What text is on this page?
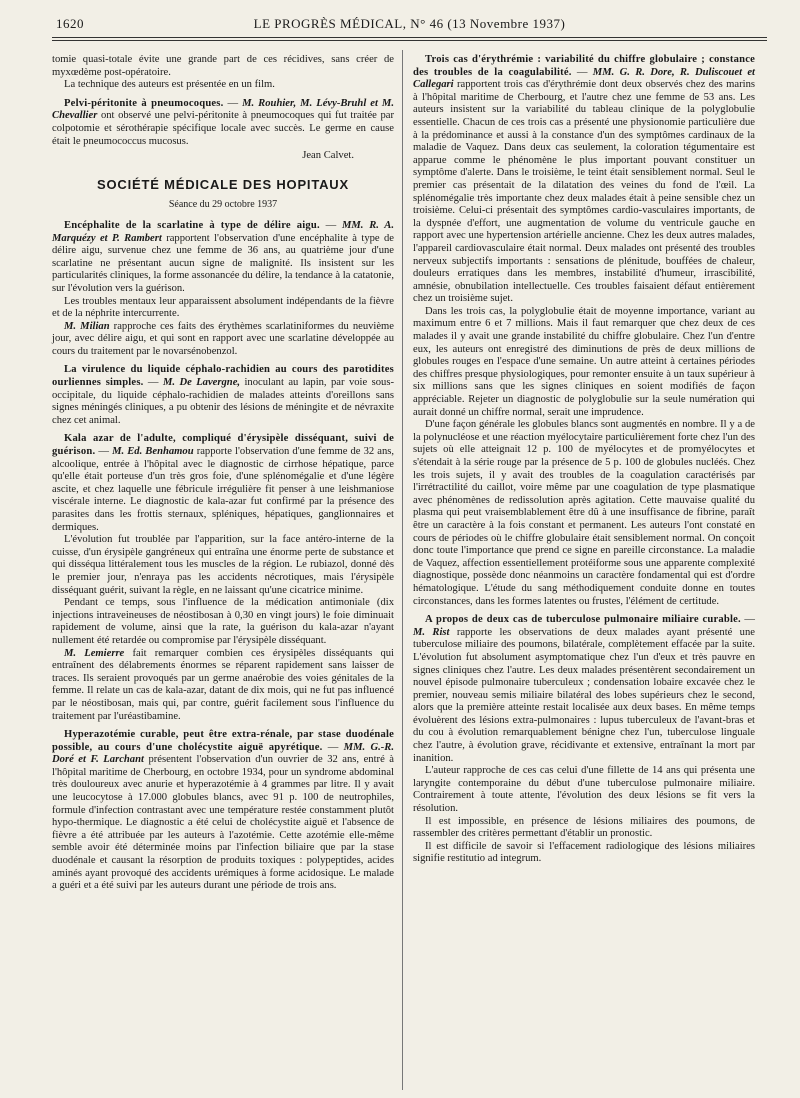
1620	LE PROGRÈS MÉDICAL, N° 46 (13 Novembre 1937)

tomie quasi-totale évite une grande part de ces récidives, sans créer de myxœdème post-opératoire.

La technique des auteurs est présentée en un film.

Pelvi-péritonite à pneumocoques. — M. Rouhier, M. Lévy-Bruhl et M. Chevallier ont observé une pelvi-péritonite à pneumocoques qui fut traitée par colpotomie et sérothérapie spécifique locale avec succès. Le germe en cause était le pneumococcus mucosus.

Jean Calvet.
SOCIÉTÉ MÉDICALE DES HOPITAUX
Séance du 29 octobre 1937

Encéphalite de la scarlatine à type de délire aigu. — MM. R. A. Marquézy et P. Rambert rapportent l'observation d'une encéphalite à type de délire aigu, survenue chez une femme de 36 ans, au quatrième jour d'une scarlatine ne présentant aucun signe de malignité. Ils insistent sur les particularités cliniques, la forme assonancée du délire, la tendance à la catatonie, sur l'évolution vers la guérison.

Les troubles mentaux leur apparaissent absolument indépendants de la fièvre et de la néphrite intercurrente.

M. Milian rapproche ces faits des érythèmes scarlatiniformes du neuvième jour, avec délire aigu, et qui sont en rapport avec une scarlatine développée au cours du traitement par le novarsénobenzol.

La virulence du liquide céphalo-rachidien au cours des parotidites ourliennes simples. — M. De Lavergne, inoculant au lapin, par voie sous-occipitale, du liquide céphalo-rachidien de malades atteints d'oreillons sans signes méningés cliniques, a pu obtenir des lésions de méningite et de névraxite chez cet animal.

Kala azar de l'adulte, compliqué d'érysipèle disséquant, suivi de guérison. — M. Ed. Benhamou rapporte l'observation d'une femme de 32 ans, alcoolique, entrée à l'hôpital avec le diagnostic de cirrhose hépatique, parce qu'elle était porteuse d'un très gros foie, d'une splénomégalie et d'une légère ascite, et chez laquelle une fébricule irrégulière fit penser à une leishmaniose viscérale interne. Le diagnostic de kala-azar fut confirmé par la présence des parasites dans les frottis sternaux, spléniques, hépatiques, ganglionnaires et dermiques.

L'évolution fut troublée par l'apparition, sur la face antéro-interne de la cuisse, d'un érysipèle gangréneux qui entraîna une énorme perte de substance et qui disséqua littéralement tous les muscles de la région. Le rubiazol, donné dès le premier jour, n'enraya pas les accidents nécrotiques, mais l'érysipèle disséquant guérit, suivant la règle, en ne laissant qu'une cicatrice minime.

Pendant ce temps, sous l'influence de la médication antimoniale (dix injections intraveineuses de néostibosan à 0,30 en vingt jours) le foie diminuait rapidement de volume, ainsi que la rate, la guérison du kala-azar n'ayant nullement été retardée ou compromise par l'érysipèle disséquant.

M. Lemierre fait remarquer combien ces érysipèles disséquants qui entraînent des délabrements énormes se réparent rapidement sans laisser de traces. Ils seraient provoqués par un germe anaérobie des voies génitales de la femme. Il relate un cas de kala-azar, datant de dix mois, qui ne fut pas influencé par le néostibosan, mais qui, par contre, guérit facilement sous l'influence du traitement par l'uréastibamine.

Hyperazotémie curable, peut être extra-rénale, par stase duodénale possible, au cours d'une cholécystite aiguë apyrétique. — MM. G.-R. Doré et F. Larchant présentent l'observation d'un ouvrier de 32 ans, entré à l'hôpital maritime de Cherbourg, en octobre 1934, pour un syndrome abdominal très douloureux avec anurie et hyperazotémie à 4 grammes par litre. Il y avait une leucocytose à 17.000 globules blancs, avec 91 p. 100 de neutrophiles, formule d'infection contrastant avec une température restée constamment plutôt hypo-thermique. Le diagnostic a été celui de cholécystite aiguë et l'absence de fièvre a été attribuée par les auteurs à l'azotémie. Cette azotémie elle-même semble avoir été déterminée moins par l'infection biliaire que par la stase duodénale et causant la résorption de produits toxiques : polypeptides, acides aminés ayant provoqué des accidents urémiques à forme acidosique. Le malade a guéri et a été suivi par les auteurs durant une période de trois ans.

Trois cas d'érythrémie : variabilité du chiffre globulaire ; constance des troubles de la coagulabilité. — MM. G. R. Dore, R. Duliscouet et Callegari rapportent trois cas d'érythrémie dont deux observés chez des marins à l'hôpital maritime de Cherbourg, et l'autre chez une femme de 53 ans. Les auteurs insistent sur la variabilité du tableau clinique de la polyglobulie essentielle. Chacun de ces trois cas a présenté une physionomie particulière due à la prédominance et aussi à la constance d'un des symptômes cardinaux de la maladie de Vaquez. Dans deux cas seulement, la coloration tégumentaire est apparue comme le phénomène le plus important pouvant constituer un symptôme d'alerte. Dans le troisième, le teint était sensiblement normal. Seul le premier cas présentait de la dilatation des veines du fond de l'œil. La splénomégalie très importante chez deux malades était à peine sensible chez un troisième. Celui-ci présentait des symptômes cardio-vasculaires importants, de la dyspnée d'effort, une augmentation de volume du ventricule gauche en rapport avec une hypertension artérielle ancienne. Chez les deux autres malades, l'appareil cardiovasculaire était normal. Deux malades ont présenté des troubles nerveux subjectifs importants : sensations de plénitude, bouffées de chaleur, douleurs erratiques dans les membres, instabilité d'humeur, irrascibilité, amnésie, obnubilation intellectuelle. Ces troubles faisaient défaut entièrement chez un troisième sujet.

Dans les trois cas, la polyglobulie était de moyenne importance, variant au maximum entre 6 et 7 millions. Mais il faut remarquer que chez deux de ces malades il y avait une grande instabilité du chiffre globulaire. Chez l'un d'entre eux, les auteurs ont enregistré des diminutions de près de deux millions de globules rouges en l'espace d'une semaine. Un autre atteint à certaines périodes des chiffres presque physiologiques, pour remonter ensuite à un taux supérieur à six millions sans que les signes cliniques en soient modifiés de façon appréciable. Rejeter un diagnostic de polyglobulie sur la seule numération qui aurait donné un chiffre normal, serait une imprudence.

D'une façon générale les globules blancs sont augmentés en nombre. Il y a de la polynucléose et une réaction myélocytaire particulièrement forte chez l'un des sujets où elle atteignait 12 p. 100 de myélocytes et de promyélocytes et s'étendait à la série rouge par la présence de 5 p. 100 de globules nucléés. Chez les trois sujets, il y avait des troubles de la coagulation caractérisés par l'irrétractilité du caillot, voire même par une coagulation de type plasmatique avec phénomènes de redissolution après agitation. Cette mauvaise qualité du plasma qui peut vraisemblablement être dû à une insuffisance de fibrine, paraît être un caractère à la fois constant et permanent. Les auteurs l'ont constaté en cours de périodes où le chiffre globulaire était sensiblement normal. On conçoit donc toute l'importance que prend ce signe en pareille circonstance. La maladie de Vaquez, affection essentiellement protéiforme sous une apparente complexité diagnostique, possède donc néanmoins un caractère fondamental qui est d'ordre hématologique. L'étude du sang méthodiquement conduite donne en toutes circonstances, dans les formes latentes ou frustes, l'élément de certitude.

A propos de deux cas de tuberculose pulmonaire miliaire curable. — M. Rist rapporte les observations de deux malades ayant présenté une tuberculose miliaire des poumons, bilatérale, complètement effacée par la suite. L'évolution fut absolument asymptomatique chez l'un d'eux et très pauvre en signes cliniques chez l'autre. Les deux malades présentèrent secondairement un nouvel épisode pulmonaire tuberculeux ; condensation lobaire excavée chez le premier, nouveau semis miliaire bilatéral des lobes supérieurs chez le second, alors que la première atteinte restait localisée aux deux bases. En même temps évoluèrent des lésions extra-pulmonaires : lupus tuberculeux de l'avant-bras et du cou à évolution remarquablement bénigne chez l'un, tuberculose linguale chez l'autre, à évolution grave, récidivante et extensive, entraînant la mort par inanition.

L'auteur rapproche de ces cas celui d'une fillette de 14 ans qui présenta une laryngite contemporaine du début d'une tuberculose pulmonaire miliaire. Contrairement à toute attente, l'évolution des deux lésions se fit vers la résolution.

Il est impossible, en présence de lésions miliaires des poumons, de rassembler des critères permettant d'établir un pronostic.

Il est difficile de savoir si l'effacement radiologique des lésions miliaires signifie restitutio ad integrum.
